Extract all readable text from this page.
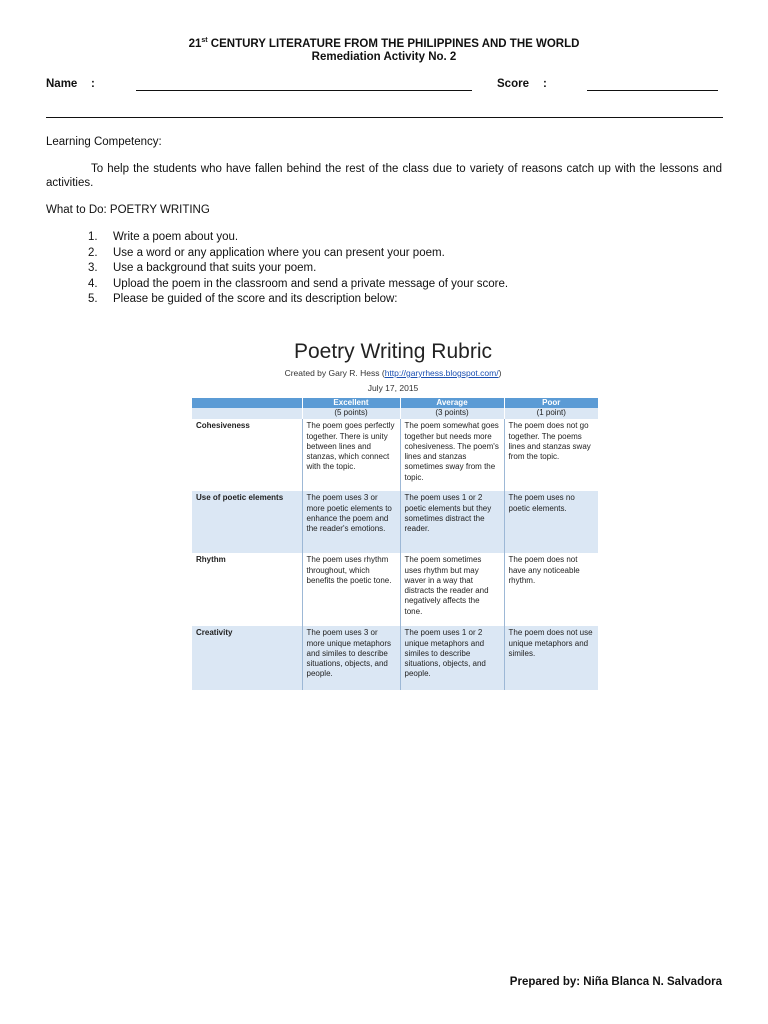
21st CENTURY LITERATURE FROM THE PHILIPPINES AND THE WORLD
Remediation Activity No. 2
Name :	Score :
Learning Competency:

To help the students who have fallen behind the rest of the class due to variety of reasons catch up with the lessons and activities.

What to Do: POETRY WRITING
1. Write a poem about you.
2. Use a word or any application where you can present your poem.
3. Use a background that suits your poem.
4. Upload the poem in the classroom and send a private message of your score.
5. Please be guided of the score and its description below:
Poetry Writing Rubric
Created by Gary R. Hess (http://garyrhess.blogspot.com/)
July 17, 2015
	Excellent	Average	Poor
	(5 points)	(3 points)	(1 point)
Cohesiveness	The poem goes perfectly together. There is unity between lines and stanzas, which connect with the topic.	The poem somewhat goes together but needs more cohesiveness. The poem's lines and stanzas sometimes sway from the topic.	The poem does not go together. The poems lines and stanzas sway from the topic.
Use of poetic elements	The poem uses 3 or more poetic elements to enhance the poem and the reader's emotions.	The poem uses 1 or 2 poetic elements but they sometimes distract the reader.	The poem uses no poetic elements.
Rhythm	The poem uses rhythm throughout, which benefits the poetic tone.	The poem sometimes uses rhythm but may waver in a way that distracts the reader and negatively affects the tone.	The poem does not have any noticeable rhythm.
Creativity	The poem uses 3 or more unique metaphors and similes to describe situations, objects, and people.	The poem uses 1 or 2 unique metaphors and similes to describe situations, objects, and people.	The poem does not use unique metaphors and similes.
Prepared by: Niña Blanca N. Salvadora
